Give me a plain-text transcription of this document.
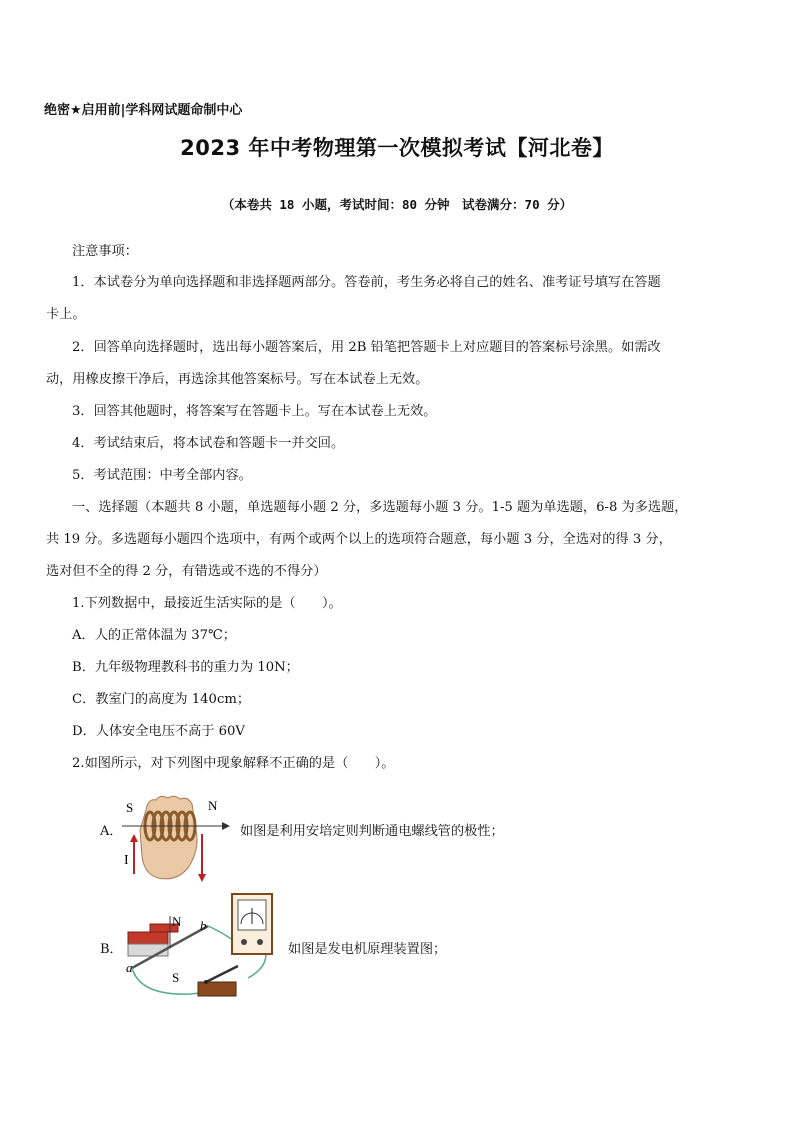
绝密★启用前|学科网试题命制中心
2023 年中考物理第一次模拟考试【河北卷】
（本卷共 18 小题，考试时间：80 分钟　试卷满分：70 分）
注意事项：
1．本试卷分为单向选择题和非选择题两部分。答卷前，考生务必将自己的姓名、准考证号填写在答题
卡上。
2．回答单向选择题时，选出每小题答案后，用 2B 铅笔把答题卡上对应题目的答案标号涂黑。如需改
动，用橡皮擦干净后，再选涂其他答案标号。写在本试卷上无效。
3．回答其他题时，将答案写在答题卡上。写在本试卷上无效。
4．考试结束后，将本试卷和答题卡一并交回。
5．考试范围：中考全部内容。
一、选择题（本题共 8 小题，单选题每小题 2 分，多选题每小题 3 分。1-5 题为单选题，6-8 为多选题，
共 19 分。多选题每小题四个选项中，有两个或两个以上的选项符合题意，每小题 3 分，全选对的得 3 分，
选对但不全的得 2 分，有错选或不选的不得分）
1.下列数据中，最接近生活实际的是（　　）。
A．人的正常体温为 37℃；
B．九年级物理教科书的重力为 10N；
C．教室门的高度为 140cm；
D．人体安全电压不高于 60V
2.如图所示，对下列图中现象解释不正确的是（　　）。
A．
S	N
I
如图是利用安培定则判断通电螺线管的极性；
B．
N
S
a
b
如图是发电机原理装置图；
